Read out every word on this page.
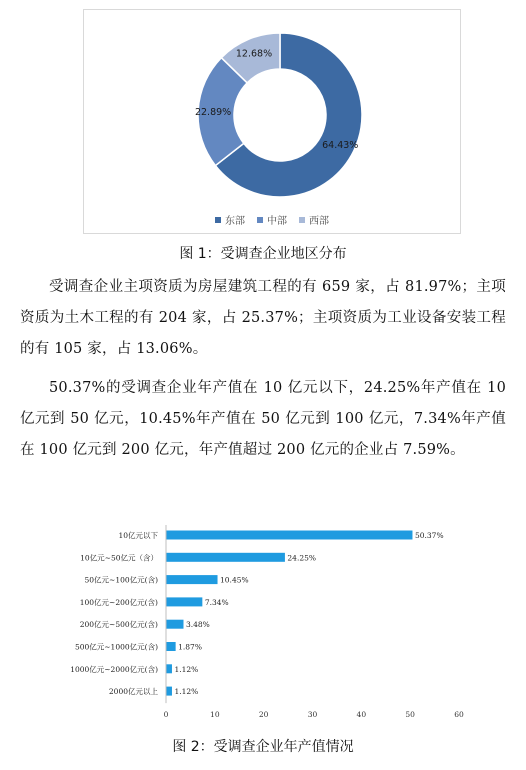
64.43%
22.89%
12.68%
东部 中部 西部
图 1：受调查企业地区分布

受调查企业主项资质为房屋建筑工程的有 659 家，占 81.97%；主项资质为土木工程的有 204 家，占 25.37%；主项资质为工业设备安装工程的有 105 家，占 13.06%。

50.37%的受调查企业年产值在 10 亿元以下，24.25%年产值在 10 亿元到 50 亿元，10.45%年产值在 50 亿元到 100 亿元，7.34%年产值在 100 亿元到 200 亿元，年产值超过 200 亿元的企业占 7.59%。

10亿元以下	50.37%
10亿元~50亿元（含）	24.25%
50亿元~100亿元(含)	10.45%
100亿元~200亿元(含)	7.34%
200亿元~500亿元(含)	3.48%
500亿元~1000亿元(含)	1.87%
1000亿元~2000亿元(含) 1.12%
2000亿元以上 1.12%
0	10	20	30	40	50	60
图 2：受调查企业年产值情况
